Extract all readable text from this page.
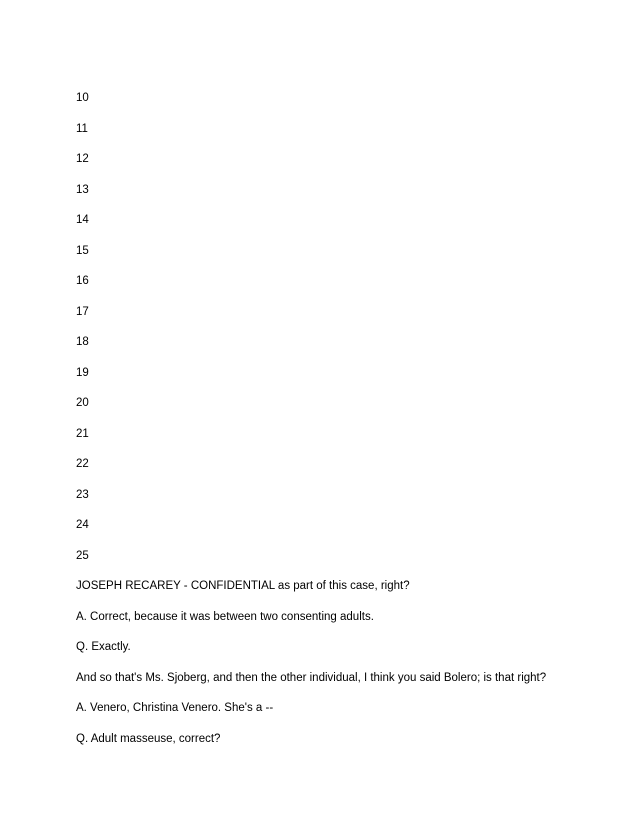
10
11
12
13
14
15
16
17
18
19
20
21
22
23
24
25
JOSEPH RECAREY - CONFIDENTIAL as part of this case, right?
A. Correct, because it was between two consenting adults.
Q. Exactly.
And so that's Ms. Sjoberg, and then the other individual, I think you said Bolero; is that right?
A. Venero, Christina Venero. She's a --
Q. Adult masseuse, correct?
